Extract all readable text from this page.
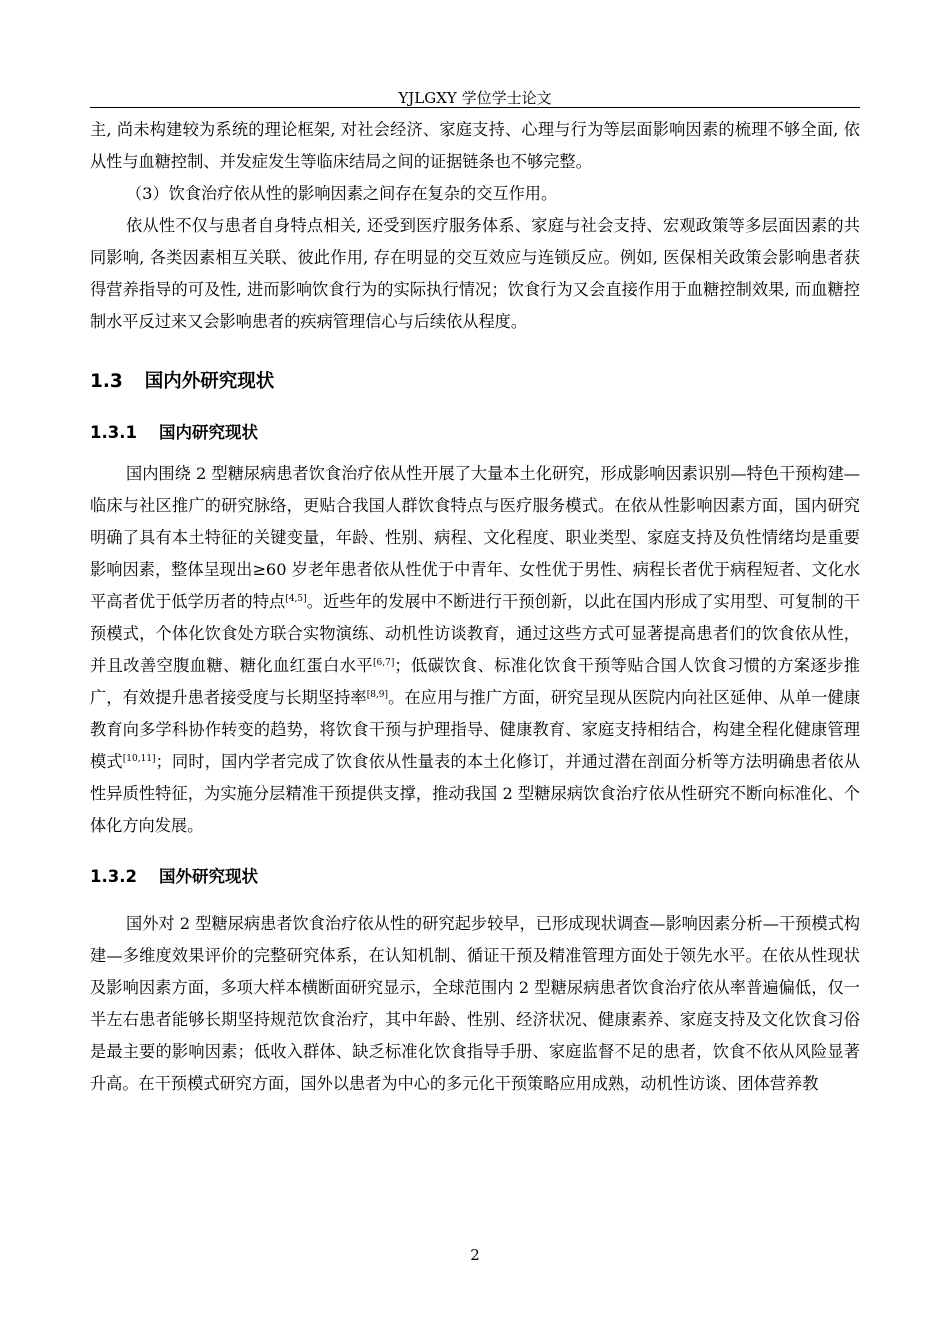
YJLGXY 学位学士论文

主, 尚未构建较为系统的理论框架, 对社会经济、家庭支持、心理与行为等层面影响因素的梳理不够全面, 依从性与血糖控制、并发症发生等临床结局之间的证据链条也不够完整。

（3）饮食治疗依从性的影响因素之间存在复杂的交互作用。

依从性不仅与患者自身特点相关, 还受到医疗服务体系、家庭与社会支持、宏观政策等多层面因素的共同影响, 各类因素相互关联、彼此作用, 存在明显的交互效应与连锁反应。例如, 医保相关政策会影响患者获得营养指导的可及性, 进而影响饮食行为的实际执行情况；饮食行为又会直接作用于血糖控制效果, 而血糖控制水平反过来又会影响患者的疾病管理信心与后续依从程度。

1.3 国内外研究现状
1.3.1 国内研究现状

国内围绕 2 型糖尿病患者饮食治疗依从性开展了大量本土化研究，形成影响因素识别—特色干预构建—临床与社区推广的研究脉络，更贴合我国人群饮食特点与医疗服务模式。在依从性影响因素方面，国内研究明确了具有本土特征的关键变量，年龄、性别、病程、文化程度、职业类型、家庭支持及负性情绪均是重要影响因素，整体呈现出≥60 岁老年患者依从性优于中青年、女性优于男性、病程长者优于病程短者、文化水平高者优于低学历者的特点[4,5]。近些年的发展中不断进行干预创新，以此在国内形成了实用型、可复制的干预模式，个体化饮食处方联合实物演练、动机性访谈教育，通过这些方式可显著提高患者们的饮食依从性，并且改善空腹血糖、糖化血红蛋白水平[6,7]；低碳饮食、标准化饮食干预等贴合国人饮食习惯的方案逐步推广，有效提升患者接受度与长期坚持率[8,9]。在应用与推广方面，研究呈现从医院内向社区延伸、从单一健康教育向多学科协作转变的趋势，将饮食干预与护理指导、健康教育、家庭支持相结合，构建全程化健康管理模式[10,11]；同时，国内学者完成了饮食依从性量表的本土化修订，并通过潜在剖面分析等方法明确患者依从性异质性特征，为实施分层精准干预提供支撑，推动我国 2 型糖尿病饮食治疗依从性研究不断向标准化、个体化方向发展。

1.3.2 国外研究现状

国外对 2 型糖尿病患者饮食治疗依从性的研究起步较早，已形成现状调查—影响因素分析—干预模式构建—多维度效果评价的完整研究体系，在认知机制、循证干预及精准管理方面处于领先水平。在依从性现状及影响因素方面，多项大样本横断面研究显示，全球范围内 2 型糖尿病患者饮食治疗依从率普遍偏低，仅一半左右患者能够长期坚持规范饮食治疗，其中年龄、性别、经济状况、健康素养、家庭支持及文化饮食习俗是最主要的影响因素；低收入群体、缺乏标准化饮食指导手册、家庭监督不足的患者，饮食不依从风险显著升高。在干预模式研究方面，国外以患者为中心的多元化干预策略应用成熟，动机性访谈、团体营养教

2
